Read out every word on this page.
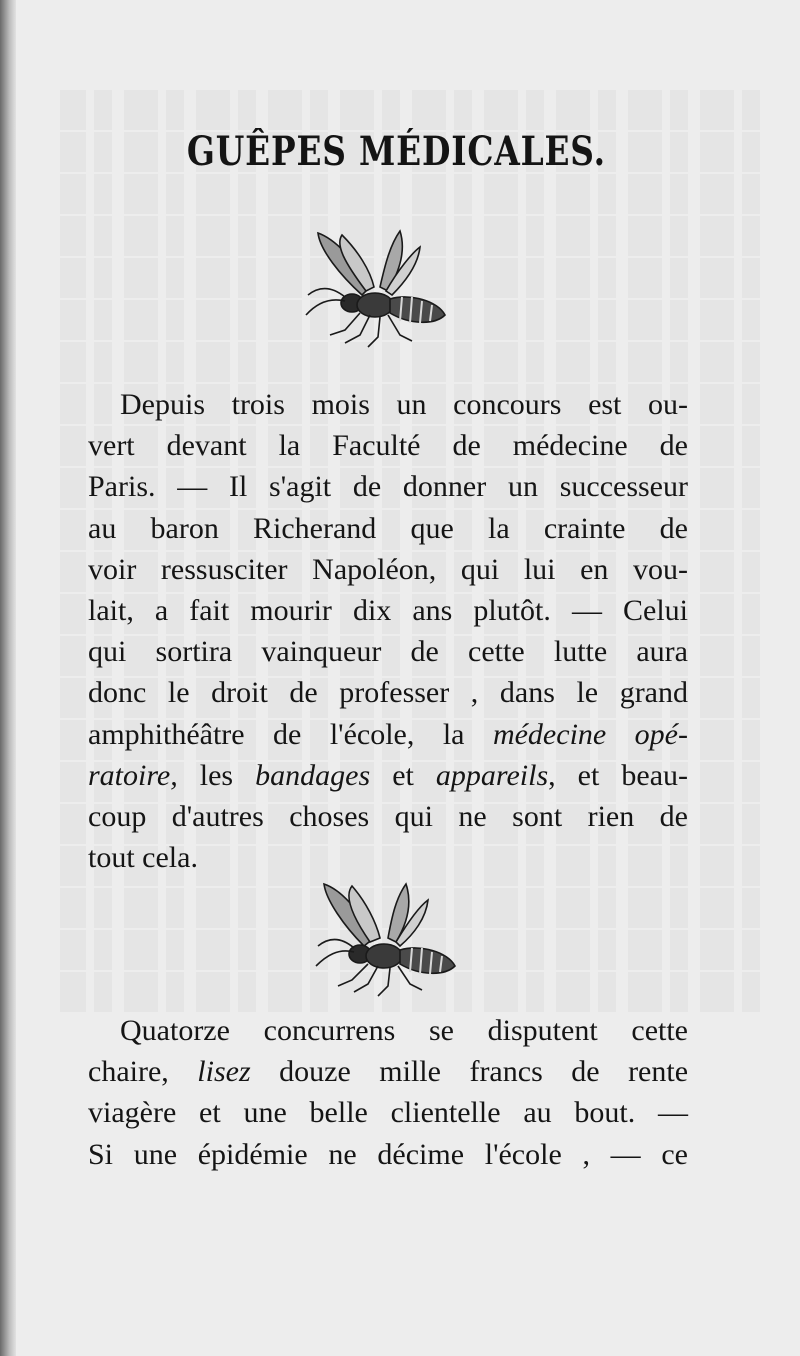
GUÊPES MÉDICALES.
Depuis trois mois un concours est ou-
vert devant la Faculté de médecine de
Paris. — Il s'agit de donner un successeur
au baron Richerand que la crainte de
voir ressusciter Napoléon, qui lui en vou-
lait, a fait mourir dix ans plutôt. — Celui
qui sortira vainqueur de cette lutte aura
donc le droit de professer , dans le grand
amphithéâtre de l'école, la médecine opé-
ratoire, les bandages et appareils, et beau-
coup d'autres choses qui ne sont rien de
tout cela.
Quatorze concurrens se disputent cette
chaire, lisez douze mille francs de rente
viagère et une belle clientelle au bout. —
Si une épidémie ne décime l'école , — ce
